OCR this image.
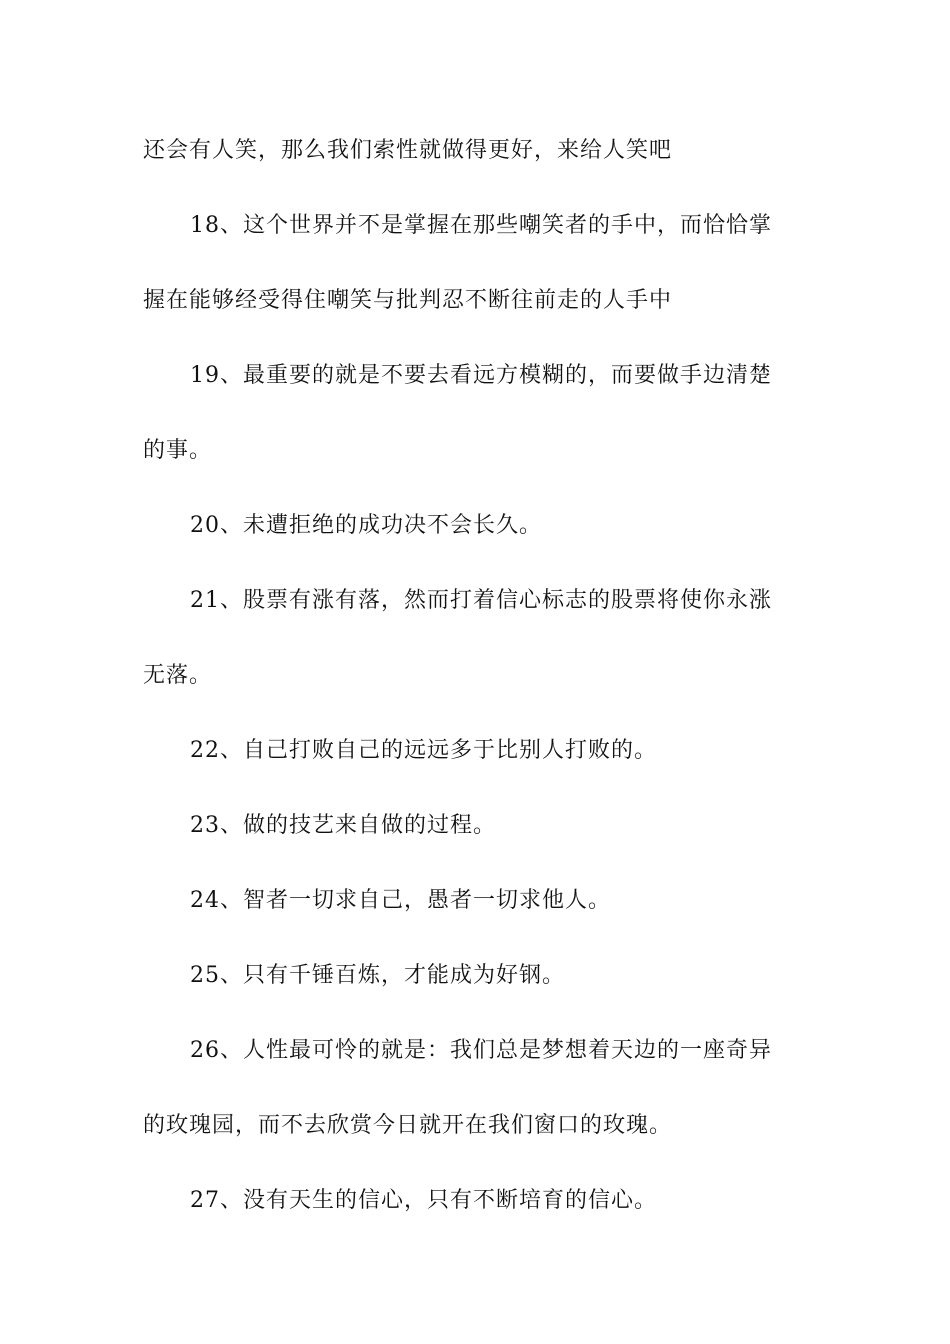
还会有人笑，那么我们索性就做得更好，来给人笑吧
18、这个世界并不是掌握在那些嘲笑者的手中，而恰恰掌
握在能够经受得住嘲笑与批判忍不断往前走的人手中
19、最重要的就是不要去看远方模糊的，而要做手边清楚
的事。
20、未遭拒绝的成功决不会长久。
21、股票有涨有落，然而打着信心标志的股票将使你永涨
无落。
22、自己打败自己的远远多于比别人打败的。
23、做的技艺来自做的过程。
24、智者一切求自己，愚者一切求他人。
25、只有千锤百炼，才能成为好钢。
26、人性最可怜的就是：我们总是梦想着天边的一座奇异
的玫瑰园，而不去欣赏今日就开在我们窗口的玫瑰。
27、没有天生的信心，只有不断培育的信心。
